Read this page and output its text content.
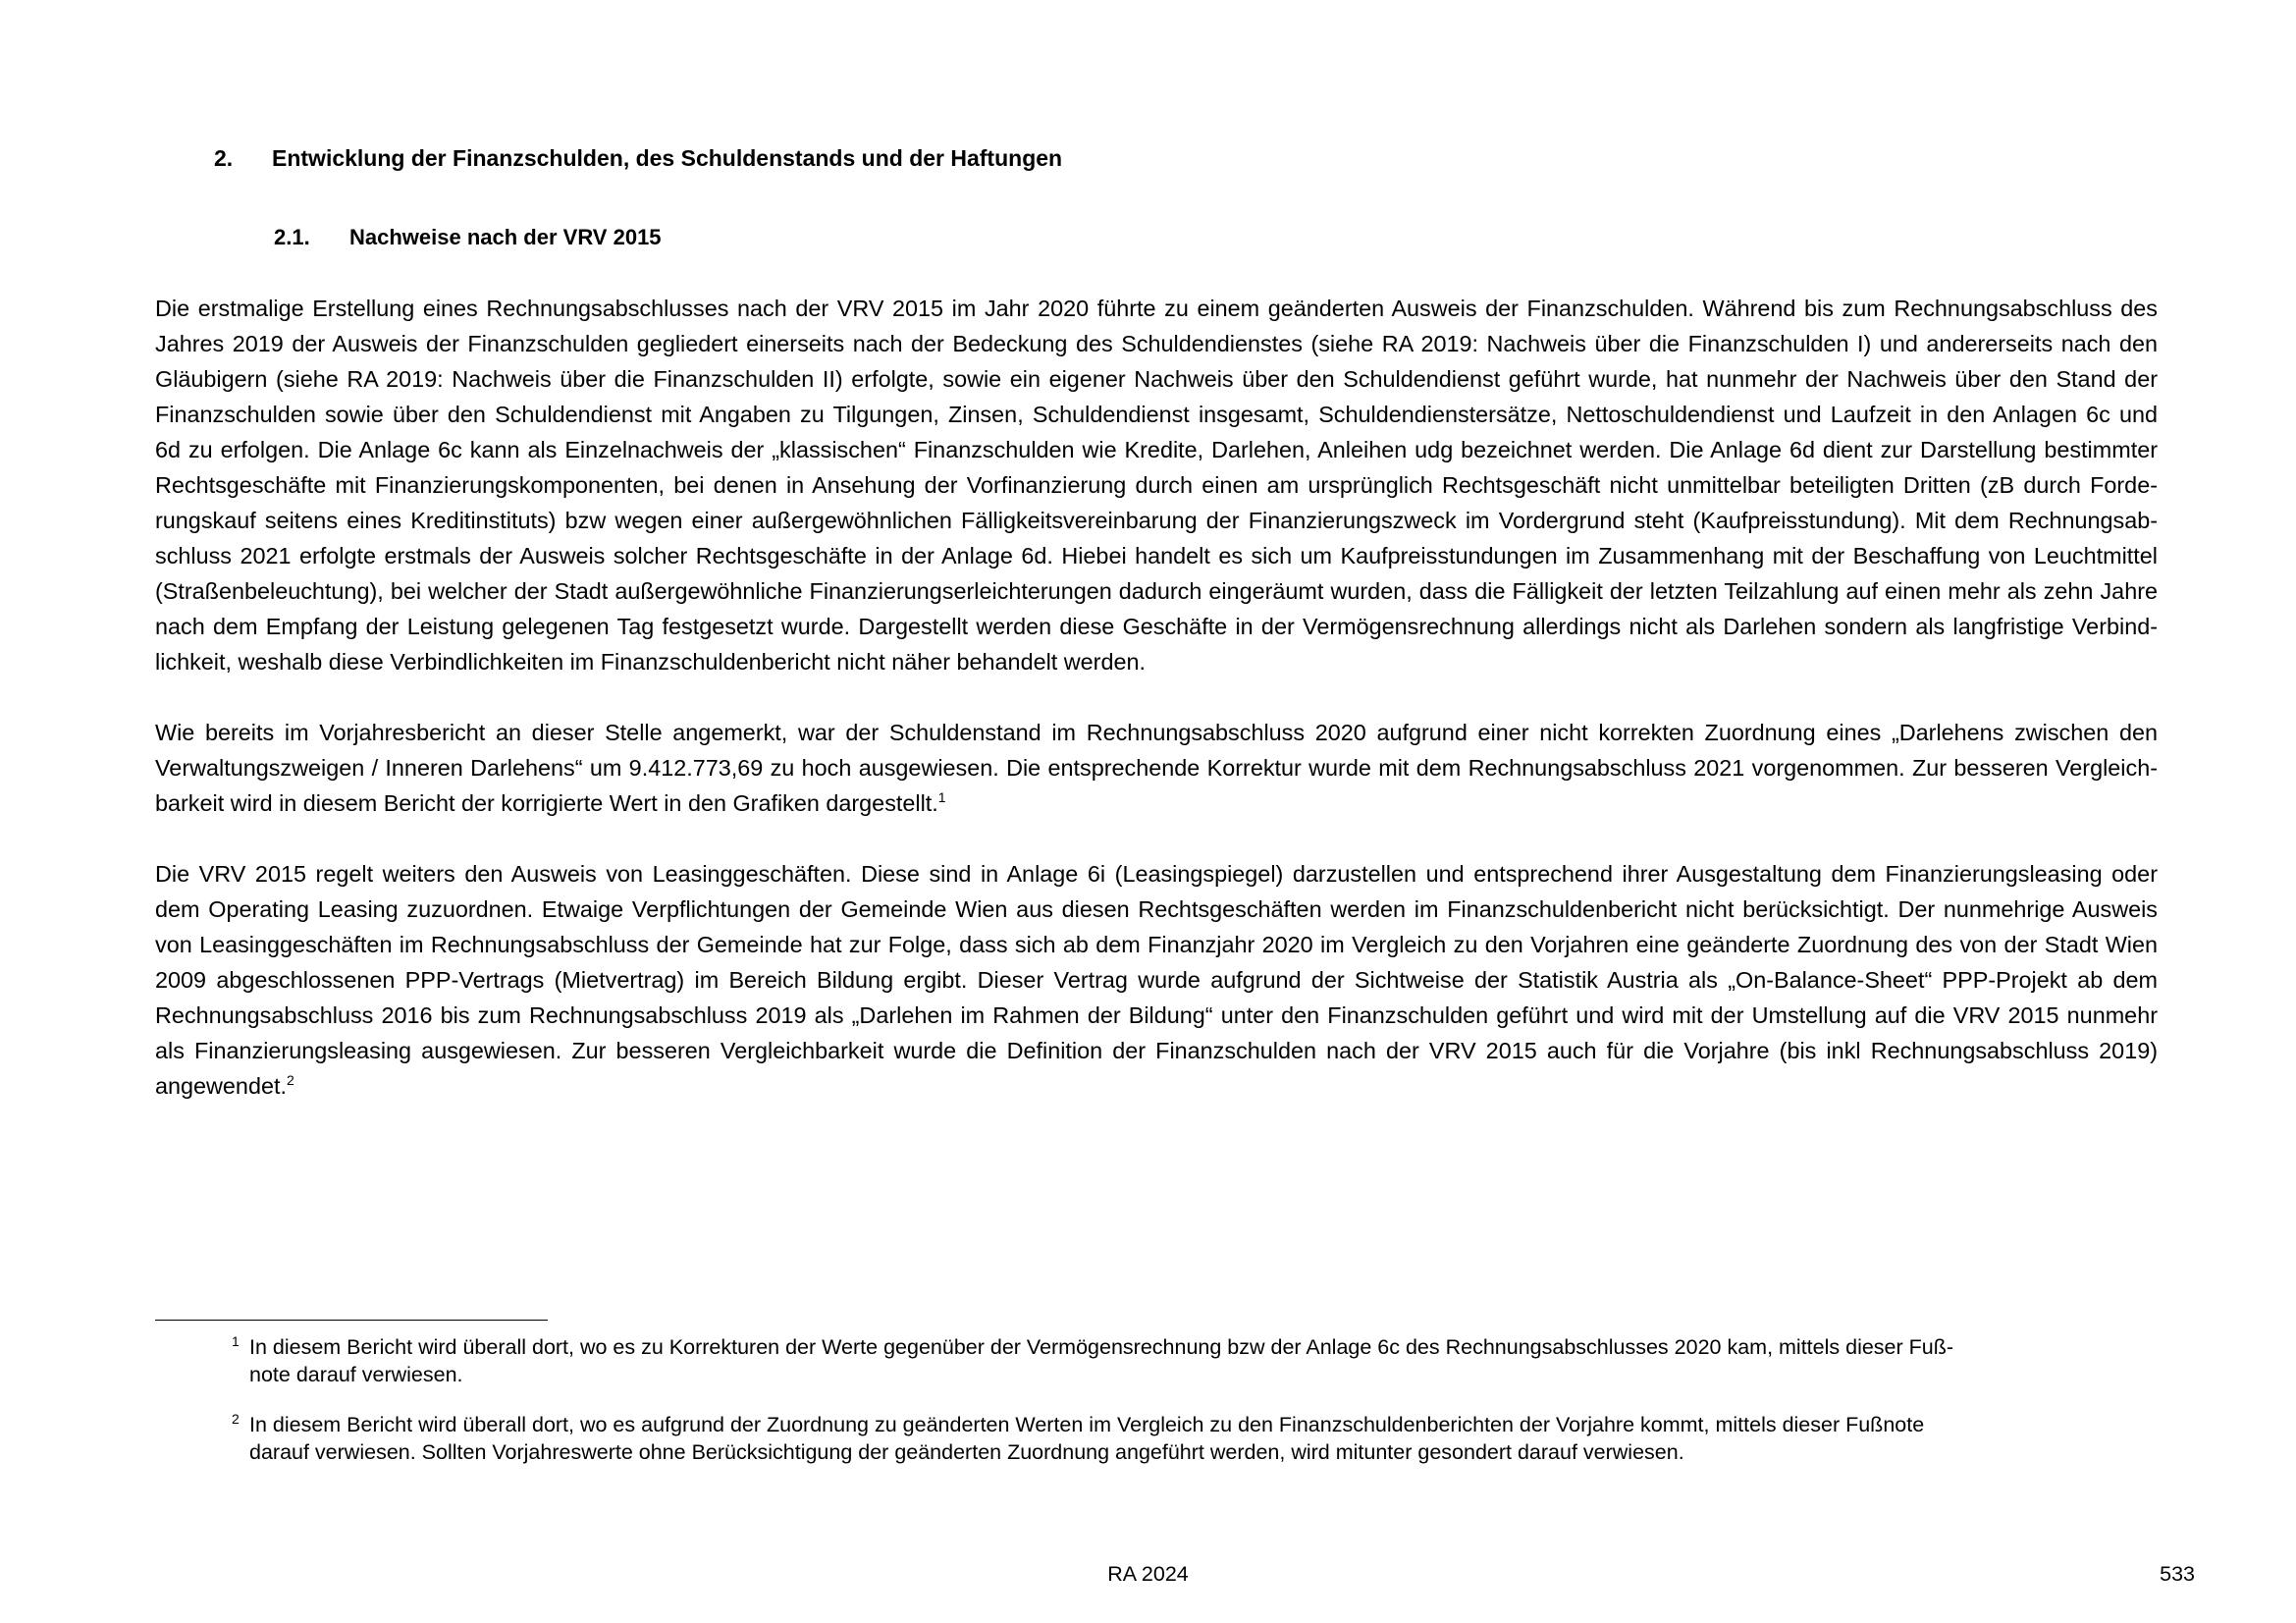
2. Entwicklung der Finanzschulden, des Schuldenstands und der Haftungen
2.1. Nachweise nach der VRV 2015
Die erstmalige Erstellung eines Rechnungsabschlusses nach der VRV 2015 im Jahr 2020 führte zu einem geänderten Ausweis der Finanzschulden. Während bis zum Rechnungsabschluss des
Jahres 2019 der Ausweis der Finanzschulden gegliedert einerseits nach der Bedeckung des Schuldendienstes (siehe RA 2019: Nachweis über die Finanzschulden I) und andererseits nach den
Gläubigern (siehe RA 2019: Nachweis über die Finanzschulden II) erfolgte, sowie ein eigener Nachweis über den Schuldendienst geführt wurde, hat nunmehr der Nachweis über den Stand der
Finanzschulden sowie über den Schuldendienst mit Angaben zu Tilgungen, Zinsen, Schuldendienst insgesamt, Schuldendienstersätze, Nettoschuldendienst und Laufzeit in den Anlagen 6c und
6d zu erfolgen. Die Anlage 6c kann als Einzelnachweis der „klassischen“ Finanzschulden wie Kredite, Darlehen, Anleihen udg bezeichnet werden. Die Anlage 6d dient zur Darstellung bestimmter
Rechtsgeschäfte mit Finanzierungskomponenten, bei denen in Ansehung der Vorfinanzierung durch einen am ursprünglich Rechtsgeschäft nicht unmittelbar beteiligten Dritten (zB durch Forde-
rungskauf seitens eines Kreditinstituts) bzw wegen einer außergewöhnlichen Fälligkeitsvereinbarung der Finanzierungszweck im Vordergrund steht (Kaufpreisstundung). Mit dem Rechnungsab-
schluss 2021 erfolgte erstmals der Ausweis solcher Rechtsgeschäfte in der Anlage 6d. Hiebei handelt es sich um Kaufpreisstundungen im Zusammenhang mit der Beschaffung von Leuchtmittel
(Straßenbeleuchtung), bei welcher der Stadt außergewöhnliche Finanzierungserleichterungen dadurch eingeräumt wurden, dass die Fälligkeit der letzten Teilzahlung auf einen mehr als zehn Jahre
nach dem Empfang der Leistung gelegenen Tag festgesetzt wurde. Dargestellt werden diese Geschäfte in der Vermögensrechnung allerdings nicht als Darlehen sondern als langfristige Verbind-
lichkeit, weshalb diese Verbindlichkeiten im Finanzschuldenbericht nicht näher behandelt werden.
Wie bereits im Vorjahresbericht an dieser Stelle angemerkt, war der Schuldenstand im Rechnungsabschluss 2020 aufgrund einer nicht korrekten Zuordnung eines „Darlehens zwischen den
Verwaltungszweigen / Inneren Darlehens“ um 9.412.773,69 zu hoch ausgewiesen. Die entsprechende Korrektur wurde mit dem Rechnungsabschluss 2021 vorgenommen. Zur besseren Vergleich-
barkeit wird in diesem Bericht der korrigierte Wert in den Grafiken dargestellt.$^1$
Die VRV 2015 regelt weiters den Ausweis von Leasinggeschäften. Diese sind in Anlage 6i (Leasingspiegel) darzustellen und entsprechend ihrer Ausgestaltung dem Finanzierungsleasing oder
dem Operating Leasing zuzuordnen. Etwaige Verpflichtungen der Gemeinde Wien aus diesen Rechtsgeschäften werden im Finanzschuldenbericht nicht berücksichtigt. Der nunmehrige Ausweis
von Leasinggeschäften im Rechnungsabschluss der Gemeinde hat zur Folge, dass sich ab dem Finanzjahr 2020 im Vergleich zu den Vorjahren eine geänderte Zuordnung des von der Stadt Wien
2009 abgeschlossenen PPP-Vertrags (Mietvertrag) im Bereich Bildung ergibt. Dieser Vertrag wurde aufgrund der Sichtweise der Statistik Austria als „On-Balance-Sheet“ PPP-Projekt ab dem
Rechnungsabschluss 2016 bis zum Rechnungsabschluss 2019 als „Darlehen im Rahmen der Bildung“ unter den Finanzschulden geführt und wird mit der Umstellung auf die VRV 2015 nunmehr
als Finanzierungsleasing ausgewiesen. Zur besseren Vergleichbarkeit wurde die Definition der Finanzschulden nach der VRV 2015 auch für die Vorjahre (bis inkl Rechnungsabschluss 2019)
angewendet.$^2$
1 In diesem Bericht wird überall dort, wo es zu Korrekturen der Werte gegenüber der Vermögensrechnung bzw der Anlage 6c des Rechnungsabschlusses 2020 kam, mittels dieser Fuß-
note darauf verwiesen.
2 In diesem Bericht wird überall dort, wo es aufgrund der Zuordnung zu geänderten Werten im Vergleich zu den Finanzschuldenberichten der Vorjahre kommt, mittels dieser Fußnote
darauf verwiesen. Sollten Vorjahreswerte ohne Berücksichtigung der geänderten Zuordnung angeführt werden, wird mitunter gesondert darauf verwiesen.
RA 2024	533
